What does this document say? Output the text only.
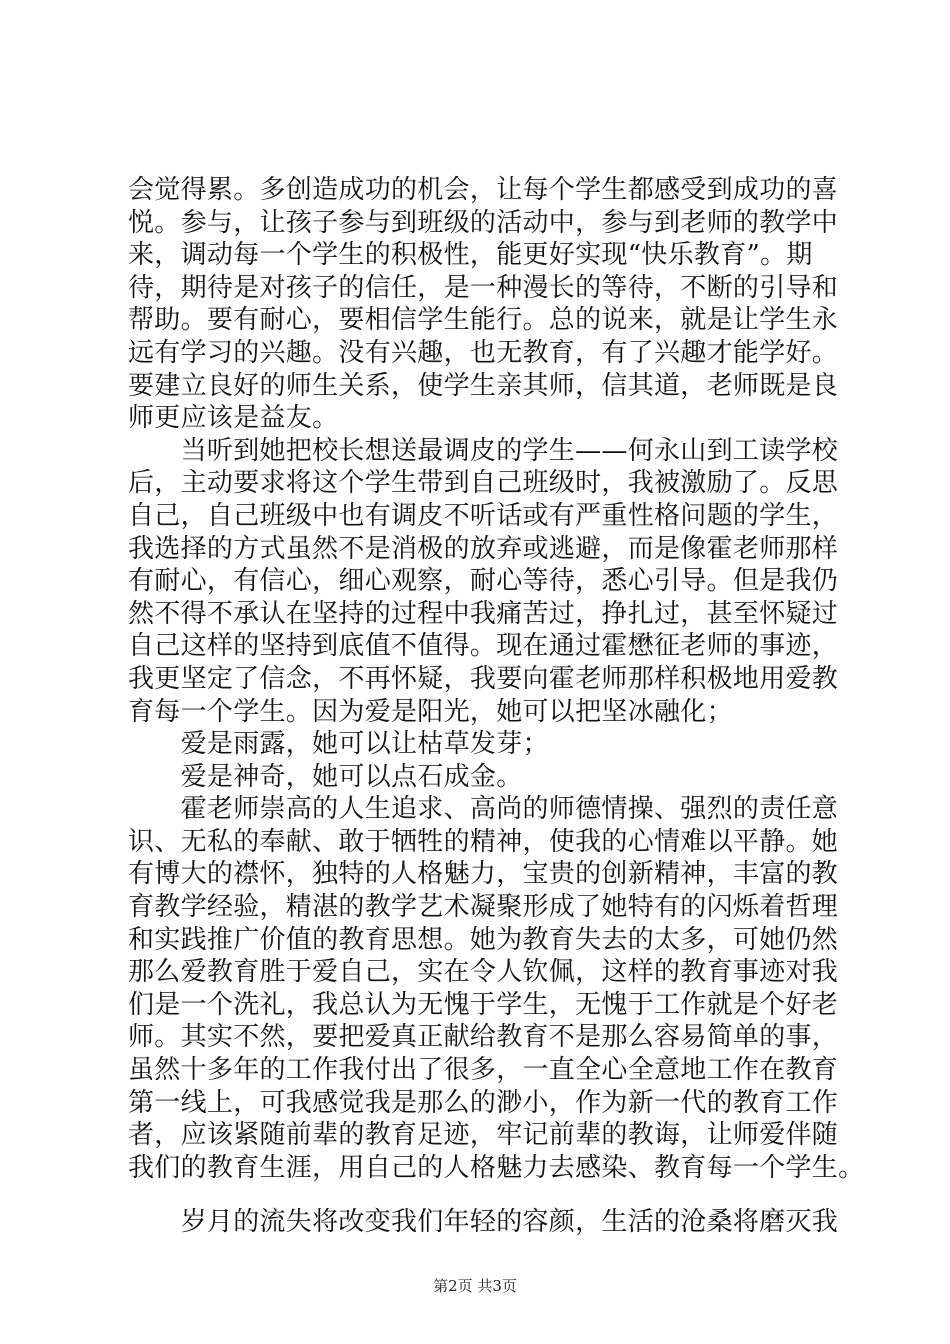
会觉得累。多创造成功的机会，让每个学生都感受到成功的喜
悦。参与，让孩子参与到班级的活动中，参与到老师的教学中
来，调动每一个学生的积极性，能更好实现“快乐教育”。期
待，期待是对孩子的信任，是一种漫长的等待，不断的引导和
帮助。要有耐心，要相信学生能行。总的说来，就是让学生永
远有学习的兴趣。没有兴趣，也无教育，有了兴趣才能学好。
要建立良好的师生关系，使学生亲其师，信其道，老师既是良
师更应该是益友。
　　当听到她把校长想送最调皮的学生——何永山到工读学校
后，主动要求将这个学生带到自己班级时，我被激励了。反思
自己，自己班级中也有调皮不听话或有严重性格问题的学生，
我选择的方式虽然不是消极的放弃或逃避，而是像霍老师那样
有耐心，有信心，细心观察，耐心等待，悉心引导。但是我仍
然不得不承认在坚持的过程中我痛苦过，挣扎过，甚至怀疑过
自己这样的坚持到底值不值得。现在通过霍懋征老师的事迹，
我更坚定了信念，不再怀疑，我要向霍老师那样积极地用爱教
育每一个学生。因为爱是阳光，她可以把坚冰融化；
　　爱是雨露，她可以让枯草发芽；
　　爱是神奇，她可以点石成金。
　　霍老师崇高的人生追求、高尚的师德情操、强烈的责任意
识、无私的奉献、敢于牺牲的精神，使我的心情难以平静。她
有博大的襟怀，独特的人格魅力，宝贵的创新精神，丰富的教
育教学经验，精湛的教学艺术凝聚形成了她特有的闪烁着哲理
和实践推广价值的教育思想。她为教育失去的太多，可她仍然
那么爱教育胜于爱自己，实在令人钦佩，这样的教育事迹对我
们是一个洗礼，我总认为无愧于学生，无愧于工作就是个好老
师。其实不然，要把爱真正献给教育不是那么容易简单的事，
虽然十多年的工作我付出了很多，一直全心全意地工作在教育
第一线上，可我感觉我是那么的渺小，作为新一代的教育工作
者，应该紧随前辈的教育足迹，牢记前辈的教诲，让师爱伴随
我们的教育生涯，用自己的人格魅力去感染、教育每一个学生。
　　岁月的流失将改变我们年轻的容颜，生活的沧桑将磨灭我
第2页 共3页
